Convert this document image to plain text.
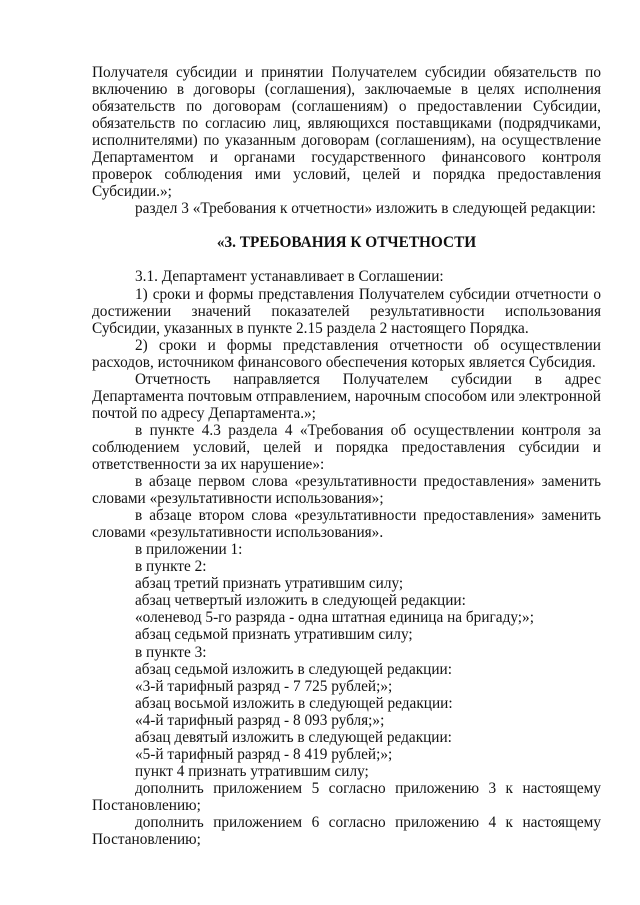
Получателя субсидии и принятии Получателем субсидии обязательств по включению в договоры (соглашения), заключаемые в целях исполнения обязательств по договорам (соглашениям) о предоставлении Субсидии, обязательств по согласию лиц, являющихся поставщиками (подрядчиками, исполнителями) по указанным договорам (соглашениям), на осуществление Департаментом и органами государственного финансового контроля проверок соблюдения ими условий, целей и порядка предоставления Субсидии.»;

раздел 3 «Требования к отчетности» изложить в следующей редакции:

«3. ТРЕБОВАНИЯ К ОТЧЕТНОСТИ

3.1. Департамент устанавливает в Соглашении:

1) сроки и формы представления Получателем субсидии отчетности о достижении значений показателей результативности использования Субсидии, указанных в пункте 2.15 раздела 2 настоящего Порядка.

2) сроки и формы представления отчетности об осуществлении расходов, источником финансового обеспечения которых является Субсидия.

Отчетность направляется Получателем субсидии в адрес Департамента почтовым отправлением, нарочным способом или электронной почтой по адресу Департамента.»;

в пункте 4.3 раздела 4 «Требования об осуществлении контроля за соблюдением условий, целей и порядка предоставления субсидии и ответственности за их нарушение»:

в абзаце первом слова «результативности предоставления» заменить словами «результативности использования»;

в абзаце втором слова «результативности предоставления» заменить словами «результативности использования».

в приложении 1:

в пункте 2:

абзац третий признать утратившим силу;

абзац четвертый изложить в следующей редакции:

«оленевод 5-го разряда - одна штатная единица на бригаду;»;

абзац седьмой признать утратившим силу;

в пункте 3:

абзац седьмой изложить в следующей редакции:

«3-й тарифный разряд - 7 725 рублей;»;

абзац восьмой изложить в следующей редакции:

«4-й тарифный разряд - 8 093 рубля;»;

абзац девятый изложить в следующей редакции:

«5-й тарифный разряд - 8 419 рублей;»;

пункт 4 признать утратившим силу;

дополнить приложением 5 согласно приложению 3 к настоящему Постановлению;

дополнить приложением 6 согласно приложению 4 к настоящему Постановлению;
